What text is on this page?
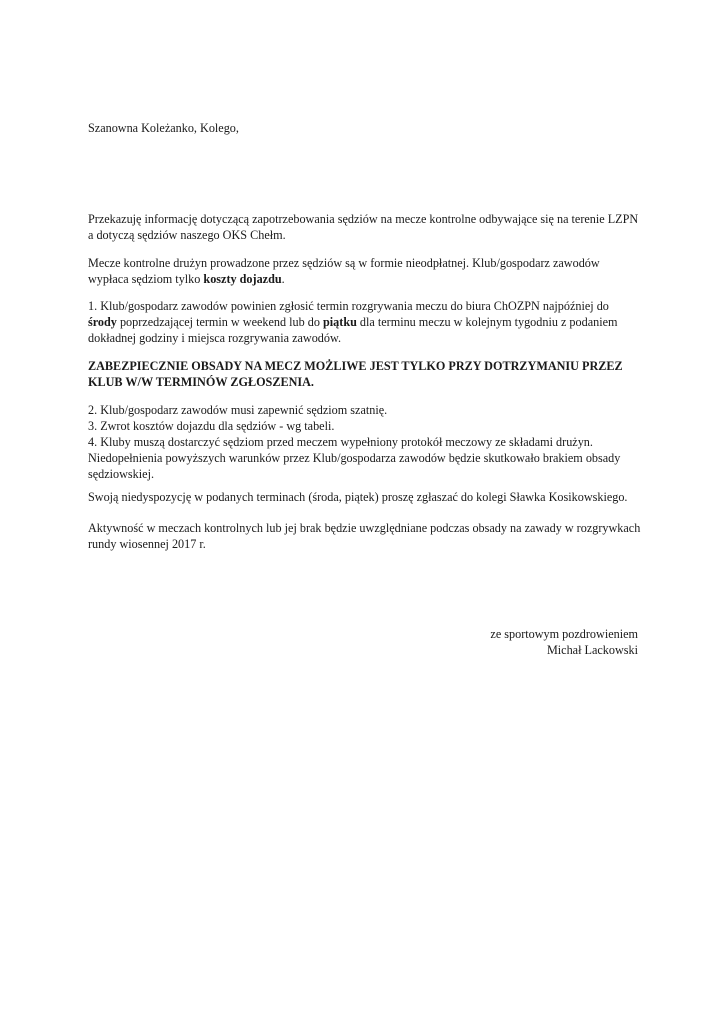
Szanowna Koleżanko, Kolego,

Przekazuję informację dotyczącą zapotrzebowania sędziów na mecze kontrolne odbywające się na terenie LZPN
a dotyczą sędziów naszego OKS Chełm.

Mecze kontrolne drużyn prowadzone przez sędziów są w formie nieodpłatnej. Klub/gospodarz zawodów
wypłaca sędziom tylko koszty dojazdu.

1. Klub/gospodarz zawodów powinien zgłosić termin rozgrywania meczu do biura ChOZPN najpóźniej do
środy poprzedzającej termin w weekend lub do piątku dla terminu meczu w kolejnym tygodniu z podaniem
dokładnej godziny i miejsca rozgrywania zawodów.

ZABEZPIECZNIE OBSADY NA MECZ MOŻLIWE JEST TYLKO PRZY DOTRZYMANIU PRZEZ
KLUB W/W TERMINÓW ZGŁOSZENIA.

2. Klub/gospodarz zawodów musi zapewnić sędziom szatnię.
3. Zwrot kosztów dojazdu dla sędziów - wg tabeli.
4. Kluby muszą dostarczyć sędziom przed meczem wypełniony protokół meczowy ze składami drużyn.
Niedopełnienia powyższych warunków przez Klub/gospodarza zawodów będzie skutkowało brakiem obsady
sędziowskiej.

Swoją niedyspozycję w podanych terminach (środa, piątek) proszę zgłaszać do kolegi Sławka Kosikowskiego.

Aktywność w meczach kontrolnych lub jej brak będzie uwzględniane podczas obsady na zawady w rozgrywkach
rundy wiosennej 2017 r.

ze sportowym pozdrowieniem
Michał Lackowski
